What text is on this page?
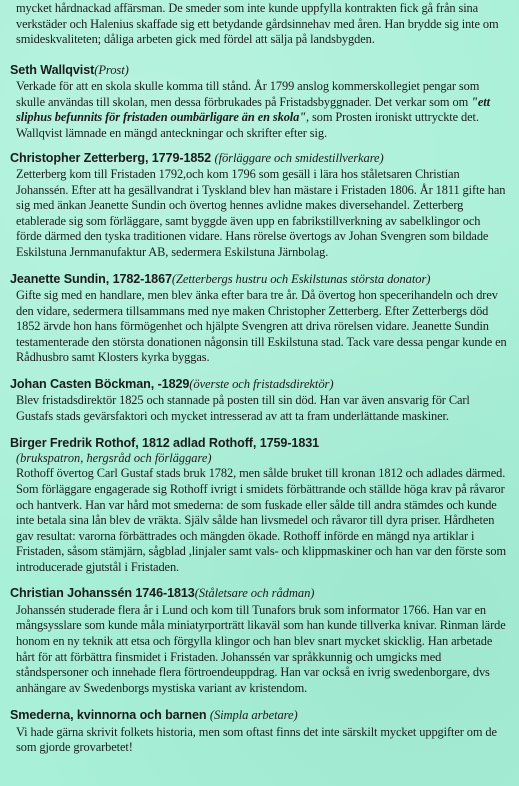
mycket hårdnackad affärsman. De smeder som inte kunde uppfylla kontrakten fick gå från sina verkstäder och Halenius skaffade sig ett betydande gårdsinnehav med åren. Han brydde sig inte om smideskvaliteten; dåliga arbeten gick med fördel att sälja på landsbygden.

Seth Wallqvist(Prost)

Verkade för att en skola skulle komma till stånd. År 1799 anslog kommerskollegiet pengar som skulle användas till skolan, men dessa förbrukades på Fristadsbyggnader. Det verkar som om "ett sliphus befunnits för fristaden oumbärligare än en skola", som Prosten ironiskt uttryckte det. Wallqvist lämnade en mängd anteckningar och skrifter efter sig.

Christopher Zetterberg, 1779-1852 (förläggare och smidestillverkare)

Zetterberg kom till Fristaden 1792,och kom 1796 som gesäll i lära hos ståletsaren Christian Johanssén. Efter att ha gesällvandrat i Tyskland blev han mästare i Fristaden 1806. År 1811 gifte han sig med änkan Jeanette Sundin och övertog hennes avlidne makes diversehandel. Zetterberg etablerade sig som förläggare, samt byggde även upp en fabrikstillverkning av sabelklingor och förde därmed den tyska traditionen vidare. Hans rörelse övertogs av Johan Svengren som bildade Eskilstuna Jernmanufaktur AB, sedermera Eskilstuna Järnbolag.

Jeanette Sundin, 1782-1867(Zetterbergs hustru och Eskilstunas största donator)

Gifte sig med en handlare, men blev änka efter bara tre år. Då övertog hon specerihandeln och drev den vidare, sedermera tillsammans med nye maken Christopher Zetterberg. Efter Zetterbergs död 1852 ärvde hon hans förmögenhet och hjälpte Svengren att driva rörelsen vidare. Jeanette Sundin testamenterade den största donationen någonsin till Eskilstuna stad. Tack vare dessa pengar kunde en Rådhusbro samt Klosters kyrka byggas.

Johan Casten Böckman, -1829(överste och fristadsdirektör)

Blev fristadsdirektör 1825 och stannade på posten till sin död. Han var även ansvarig för Carl Gustafs stads gevärsfaktori och mycket intresserad av att ta fram underlättande maskiner.

Birger Fredrik Rothof, 1812 adlad Rothoff, 1759-1831
(brukspatron, ħergsråd och förläggare)

Rothoff övertog Carl Gustaf stads bruk 1782, men sålde bruket till kronan 1812 och adlades därmed. Som förläggare engagerade sig Rothoff ivrigt i smidets förbättrande och ställde höga krav på råvaror och hantverk. Han var hård mot smederna: de som fuskade eller sålde till andra stämdes och kunde inte betala sina lån blev de vräkta. Själv sålde han livsmedel och råvaror till dyra priser. Hårdheten gav resultat: varorna förbättrades och mängden ökade. Rothoff införde en mängd nya artiklar i Fristaden, såsom stämjärn, sågblad ,linjaler samt vals- och klippmaskiner och han var den förste som introducerade gjutstål i Fristaden.

Christian Johanssén 1746-1813(Ståletsare och rådman)

Johanssén studerade flera år i Lund och kom till Tunafors bruk som informator 1766. Han var en mångsysslare som kunde måla miniatyrporträtt likaväl som han kunde tillverka knivar. Rinman lärde honom en ny teknik att etsa och förgylla klingor och han blev snart mycket skicklig. Han arbetade hårt för att förbättra finsmidet i Fristaden. Johanssén var språkkunnig och umgicks med ståndspersoner och innehade flera förtroendeuppdrag. Han var också en ivrig swedenborgare, dvs anhängare av Swedenborgs mystiska variant av kristendom.

Smederna, kvinnorna och barnen (Simpla arbetare)

Vi hade gärna skrivit folkets historia, men som oftast finns det inte särskilt mycket uppgifter om de som gjorde grovarbetet!
